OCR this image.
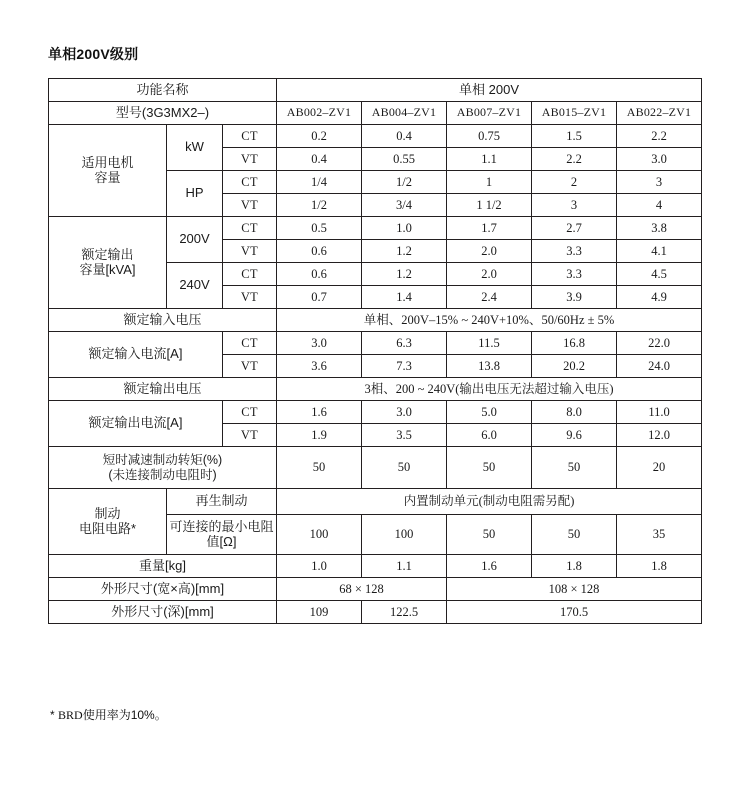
单相200V级别
功能名称			单相 200V				
型号(3G3MX2–)			AB002–ZV1	AB004–ZV1	AB007–ZV1	AB015–ZV1	AB022–ZV1

适用电机
容量	kW	CT	0.2	0.4	0.75	1.5	2.2
		VT	0.4	0.55	1.1	2.2	3.0
	HP	CT	1/4	1/2	1	2	3
		VT	1/2	3/4	1 1/2	3	4

额定输出
容量[kVA]	200V	CT	0.5	1.0	1.7	2.7	3.8
		VT	0.6	1.2	2.0	3.3	4.1
	240V	CT	0.6	1.2	2.0	3.3	4.5
		VT	0.7	1.4	2.4	3.9	4.9
额定输入电压			单相、200V–15% ~ 240V+10%、50/60Hz ± 5%				
额定输入电流[A]		CT	3.0	6.3	11.5	16.8	22.0
		VT	3.6	7.3	13.8	20.2	24.0
额定输出电压			3相、200 ~ 240V(输出电压无法超过输入电压)				
额定输出电流[A]		CT	1.6	3.0	5.0	8.0	11.0
		VT	1.9	3.5	6.0	9.6	12.0

短时减速制动转矩(%)
(未连接制动电阻时)			50	50	50	50	20

制动
电阻电路*	再生制动		内置制动单元(制动电阻需另配)				

	可连接的最小电阻
值[Ω]		100	100	50	50	35
重量[kg]			1.0	1.1	1.6	1.8	1.8
外形尺寸(宽×高)[mm]			68 × 128		108 × 128		
外形尺寸(深)[mm]			109	122.5	170.5		
* BRD使用率为10%。
